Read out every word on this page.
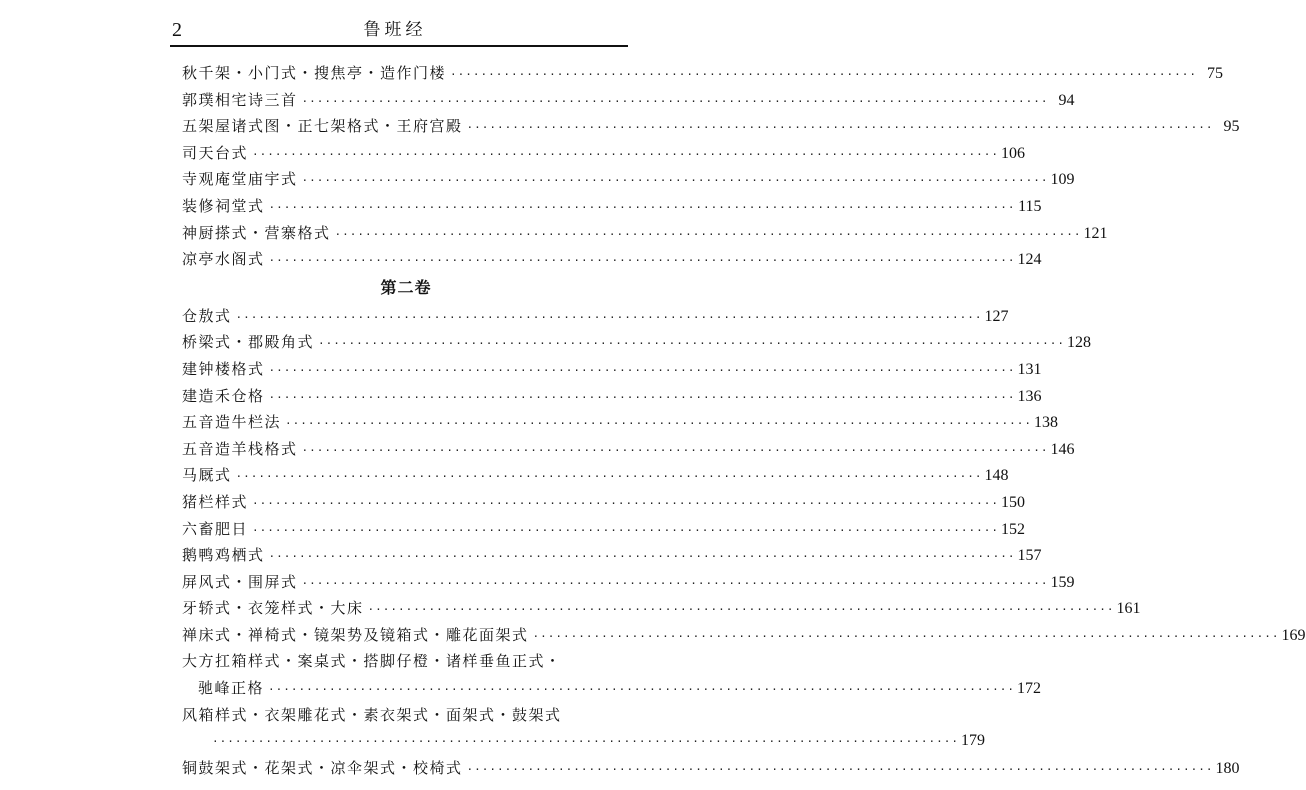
2	鲁班经
秋千架・小门式・搜焦亭・造作门楼 ·································································································· 75
郭璞相宅诗三首 ·································································································· 94
五架屋诸式图・正七架格式・王府宫殿 ·································································································· 95
司天台式 ·································································································· 106
寺观庵堂庙宇式 ·································································································· 109
装修祠堂式 ·································································································· 115
神厨搽式・营寨格式 ·································································································· 121
凉亭水阁式 ·································································································· 124
第二卷
仓敖式 ·································································································· 127
桥梁式・郡殿角式 ·································································································· 128
建钟楼格式 ·································································································· 131
建造禾仓格 ·································································································· 136
五音造牛栏法 ·································································································· 138
五音造羊栈格式 ·································································································· 146
马厩式 ·································································································· 148
猪栏样式 ·································································································· 150
六畜肥日 ·································································································· 152
鹅鸭鸡栖式 ·································································································· 157
屏风式・围屏式 ·································································································· 159
牙轿式・衣笼样式・大床 ·································································································· 161
禅床式・禅椅式・镜架势及镜箱式・雕花面架式 ·································································································· 169
大方扛箱样式・案桌式・搭脚仔橙・诸样垂鱼正式・
驰峰正格 ·································································································· 172
风箱样式・衣架雕花式・素衣架式・面架式・鼓架式
·································································································· 179
铜鼓架式・花架式・凉伞架式・校椅式 ·································································································· 180
